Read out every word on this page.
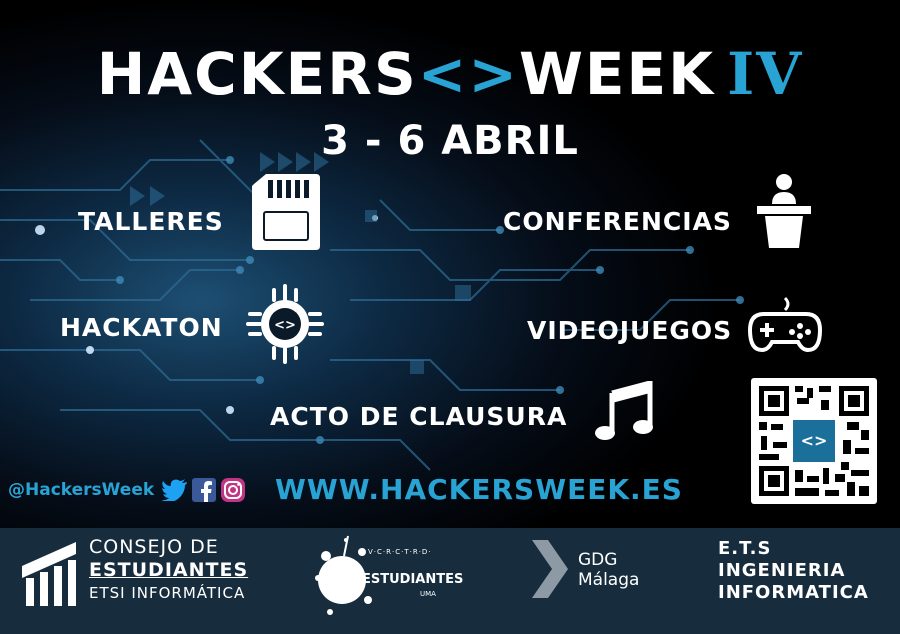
HACKERS<>WEEK IV
3 - 6 ABRIL
TALLERES	CONFERENCIAS
HACKATON	<>	VIDEOJUEGOS
ACTO DE CLAUSURA
@HackersWeek	WWW.HACKERSWEEK.ES
<>
CONSEJO DE
ESTUDIANTES
ETSI INFORMÁTICA
V·C·R·C·T·R·D·
ESTUDIANTES
UMA
GDG
Málaga
E.T.S
INGENIERIA
INFORMATICA
